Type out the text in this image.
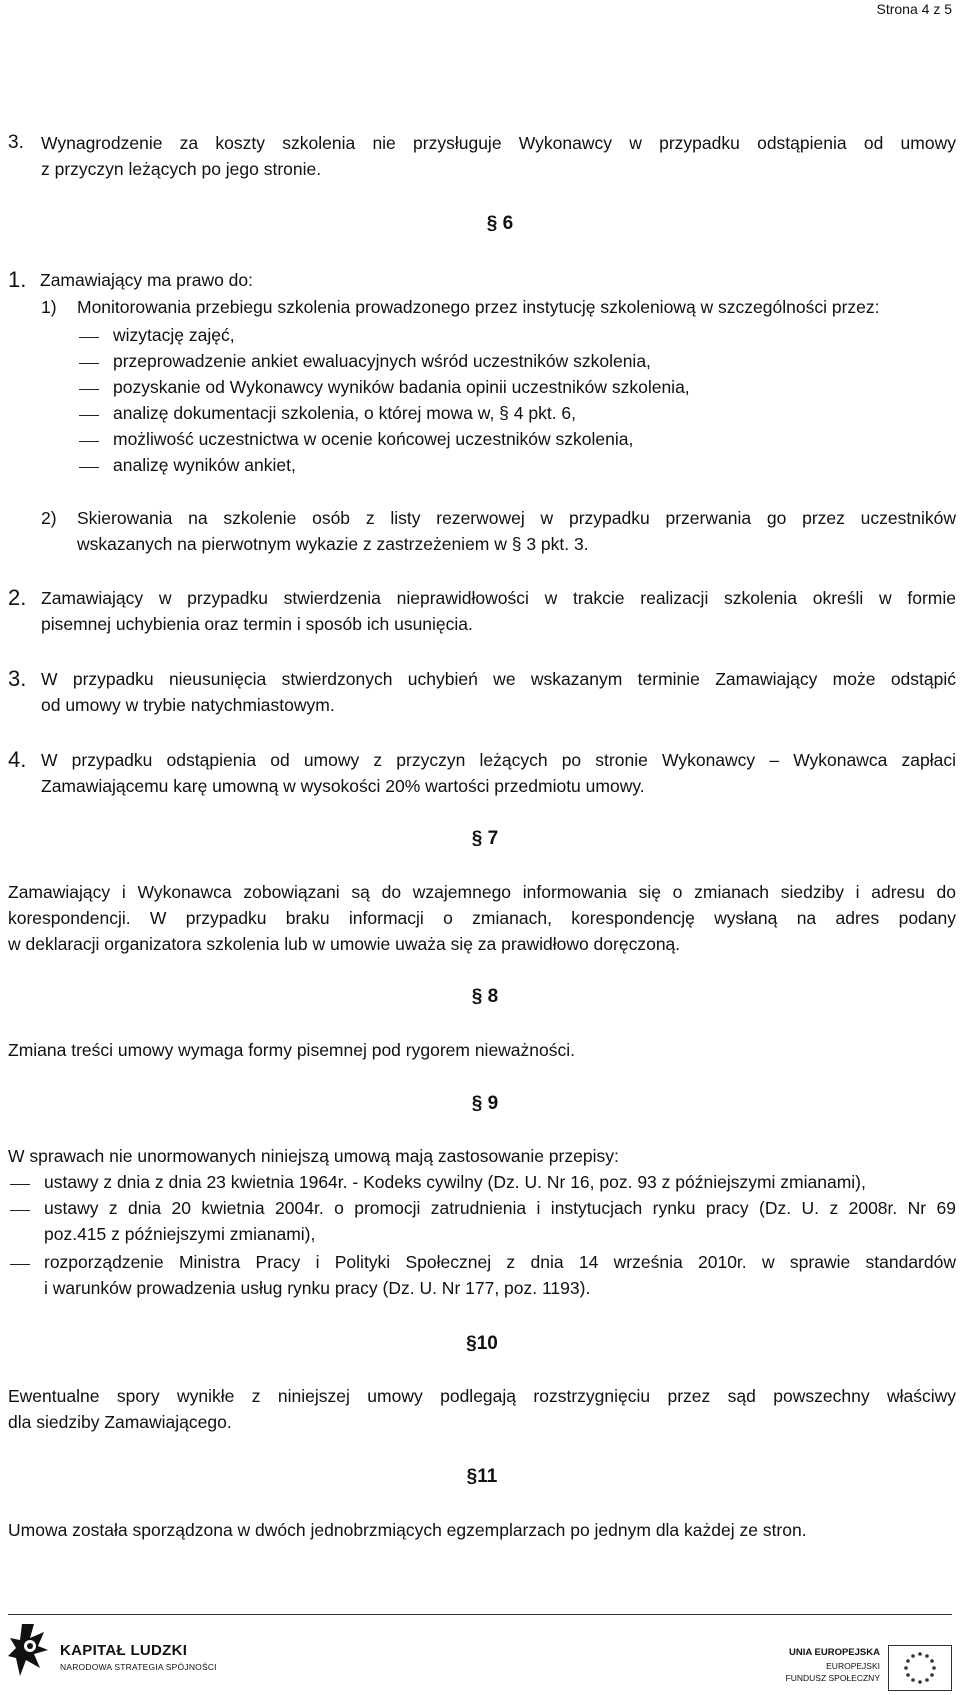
Strona 4 z 5
3. Wynagrodzenie za koszty szkolenia nie przysługuje Wykonawcy w przypadku odstąpienia od umowy
z przyczyn leżących po jego stronie.
§ 6
1. Zamawiający ma prawo do:
1) Monitorowania przebiegu szkolenia prowadzonego przez instytucję szkoleniową w szczególności przez:
wizytację zajęć,
przeprowadzenie ankiet ewaluacyjnych wśród uczestników szkolenia,
pozyskanie od Wykonawcy wyników badania opinii uczestników szkolenia,
analizę dokumentacji szkolenia, o której mowa w, § 4 pkt. 6,
możliwość uczestnictwa w ocenie końcowej uczestników szkolenia,
analizę wyników ankiet,
2) Skierowania na szkolenie osób z listy rezerwowej w przypadku przerwania go przez uczestników
wskazanych na pierwotnym wykazie z zastrzeżeniem w § 3 pkt. 3.
2. Zamawiający w przypadku stwierdzenia nieprawidłowości w trakcie realizacji szkolenia określi w formie
pisemnej uchybienia oraz termin i sposób ich usunięcia.
3. W przypadku nieusunięcia stwierdzonych uchybień we wskazanym terminie Zamawiający może odstąpić
od umowy w trybie natychmiastowym.
4. W przypadku odstąpienia od umowy z przyczyn leżących po stronie Wykonawcy – Wykonawca zapłaci
Zamawiającemu karę umowną w wysokości 20% wartości przedmiotu umowy.
§ 7
Zamawiający i Wykonawca zobowiązani są do wzajemnego informowania się o zmianach siedziby i adresu do
korespondencji. W przypadku braku informacji o zmianach, korespondencję wysłaną na adres podany
w deklaracji organizatora szkolenia lub w umowie uważa się za prawidłowo doręczoną.
§ 8
Zmiana treści umowy wymaga formy pisemnej pod rygorem nieważności.
§ 9
W sprawach nie unormowanych niniejszą umową mają zastosowanie przepisy:
ustawy z dnia z dnia 23 kwietnia 1964r. - Kodeks cywilny (Dz. U. Nr 16, poz. 93 z późniejszymi zmianami),
ustawy z dnia 20 kwietnia 2004r. o promocji zatrudnienia i instytucjach rynku pracy (Dz. U. z 2008r. Nr 69
poz.415 z późniejszymi zmianami),
rozporządzenie Ministra Pracy i Polityki Społecznej z dnia 14 września 2010r. w sprawie standardów
i warunków prowadzenia usług rynku pracy (Dz. U. Nr 177, poz. 1193).
§10
Ewentualne spory wynikłe z niniejszej umowy podlegają rozstrzygnięciu przez sąd powszechny właściwy
dla siedziby Zamawiającego.
§11
Umowa została sporządzona w dwóch jednobrzmiących egzemplarzach po jednym dla każdej ze stron.
KAPITAŁ LUDZKI
NARODOWA STRATEGIA SPÓJNOŚCI
UNIA EUROPEJSKA
EUROPEJSKI
FUNDUSZ SPOŁECZNY
